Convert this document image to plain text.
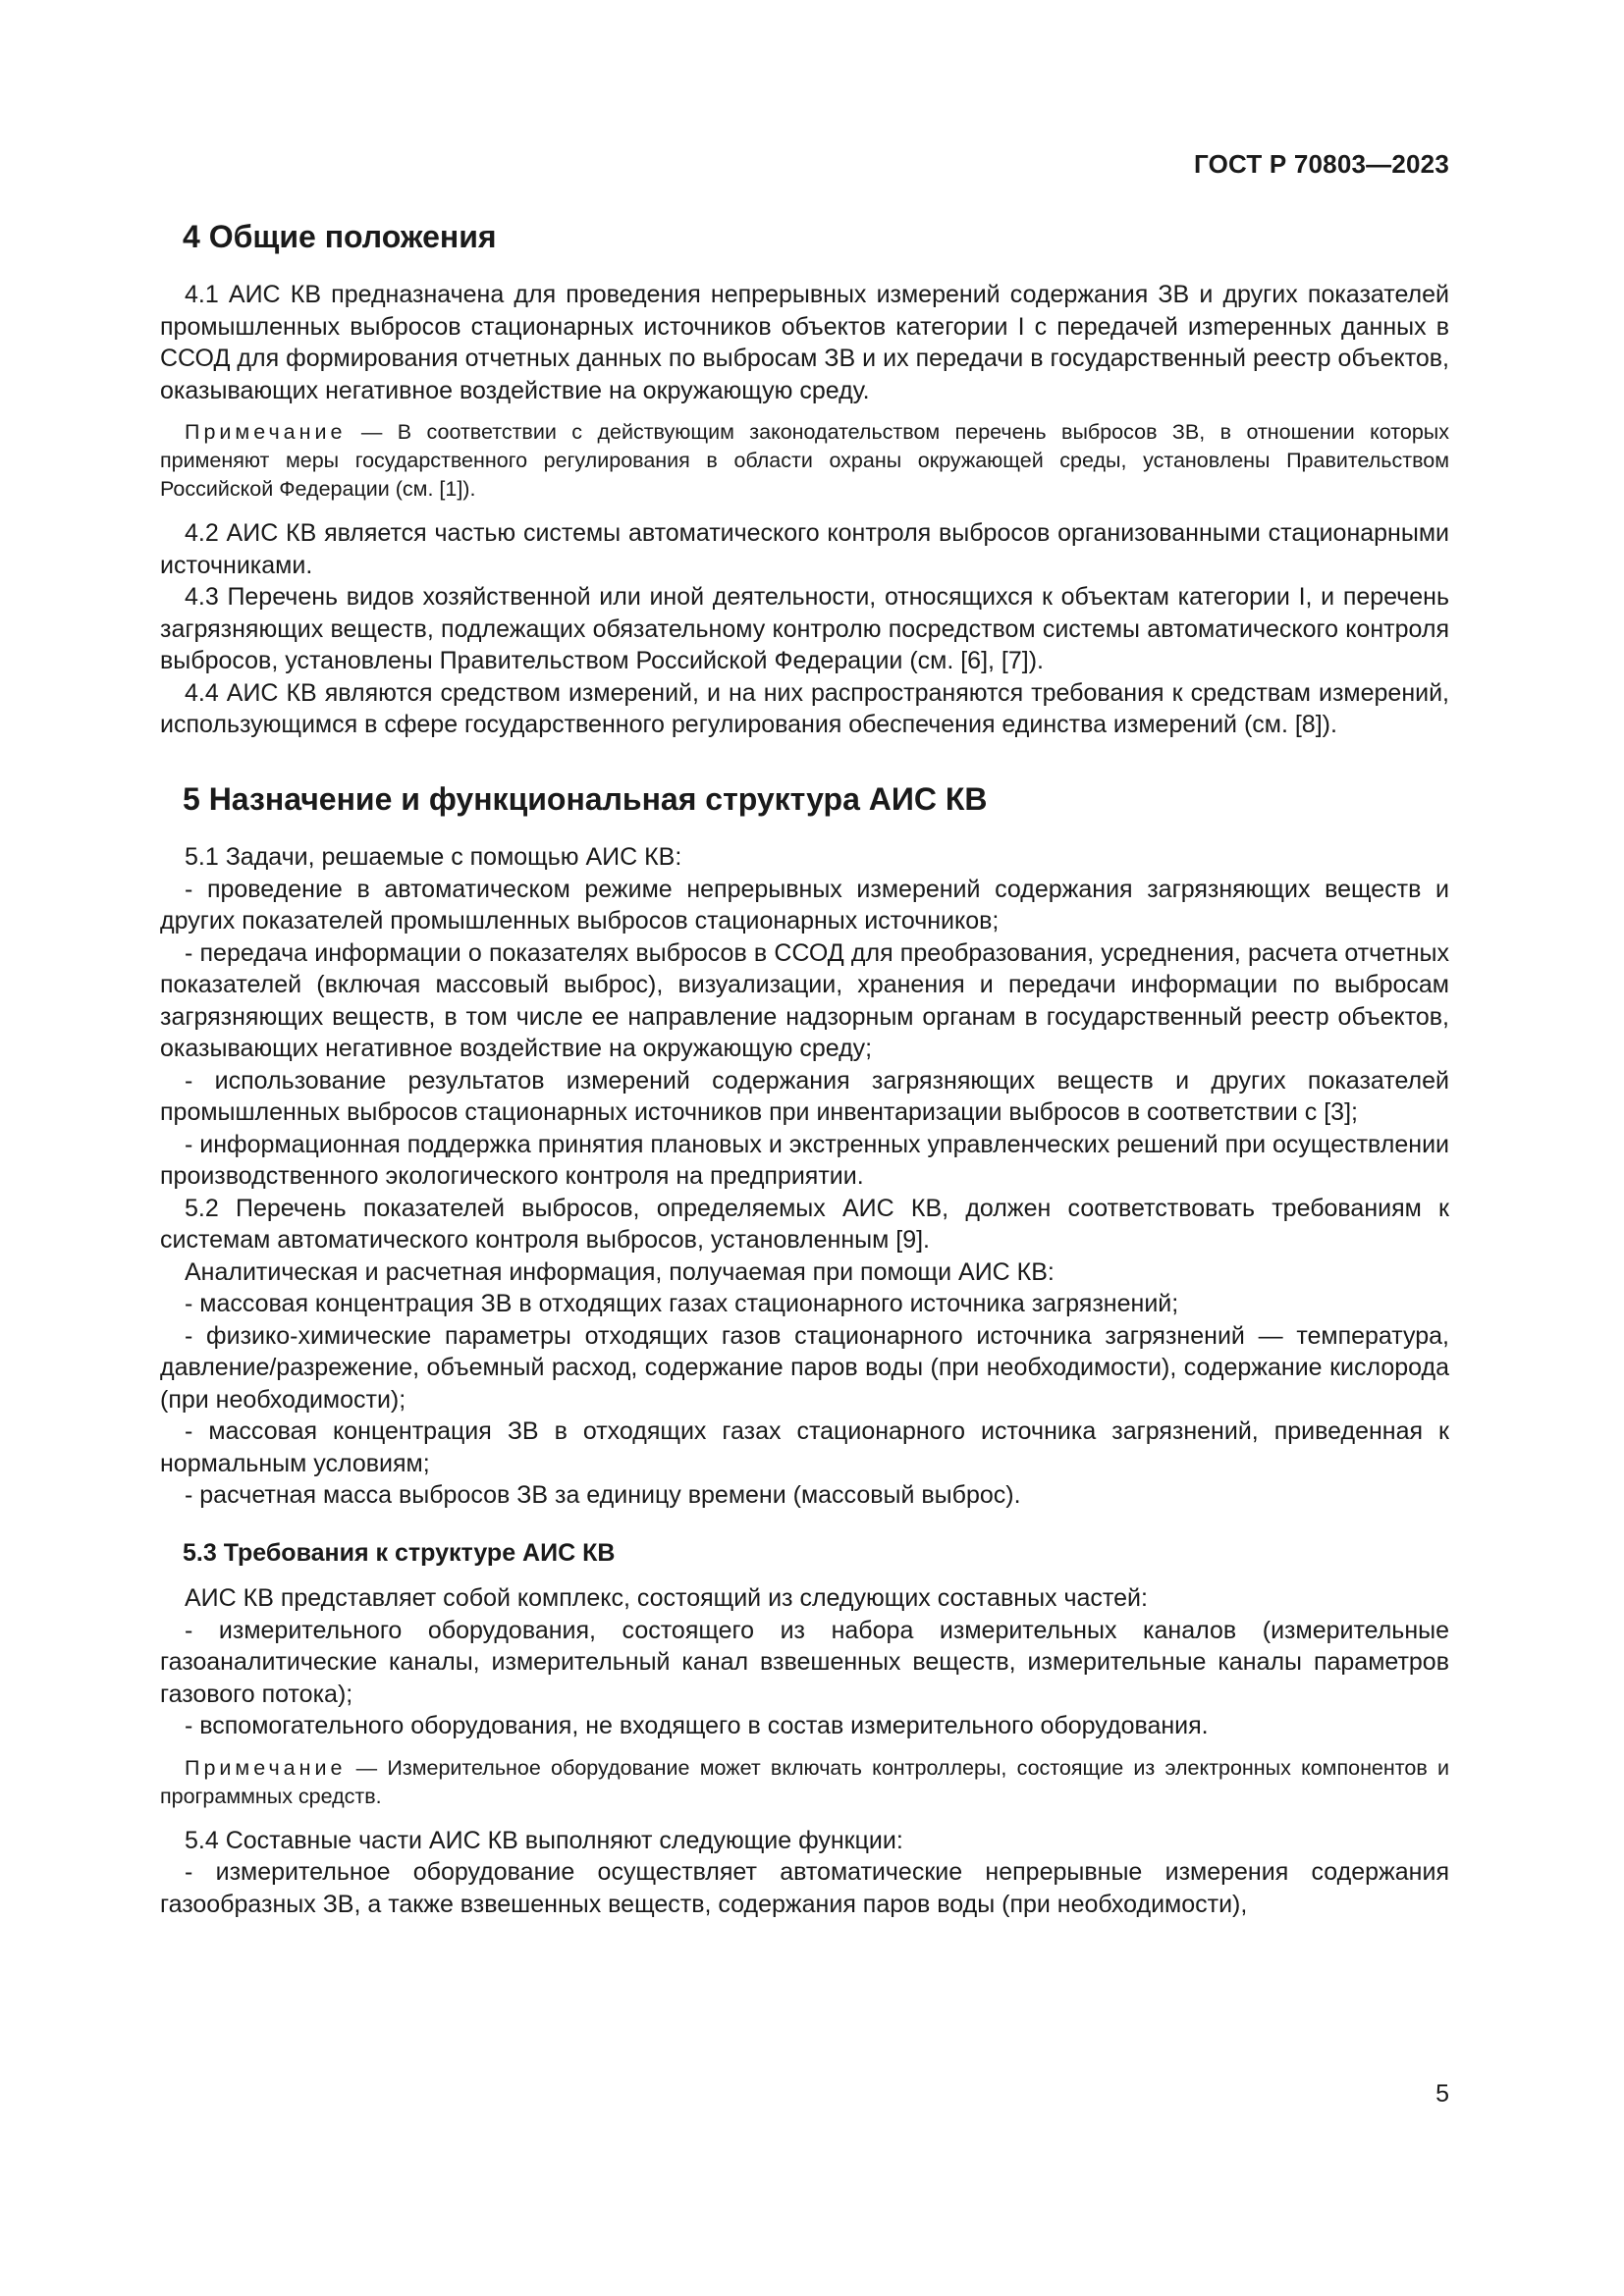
ГОСТ Р 70803—2023
4 Общие положения

4.1 АИС КВ предназначена для проведения непрерывных измерений содержания ЗВ и других показателей промышленных выбросов стационарных источников объектов категории I с передачей изmеренных данных в ССОД для формирования отчетных данных по выбросам ЗВ и их передачи в государственный реестр объектов, оказывающих негативное воздействие на окружающую среду.

Примечание — В соответствии с действующим законодательством перечень выбросов ЗВ, в отношении которых применяют меры государственного регулирования в области охраны окружающей среды, установлены Правительством Российской Федерации (см. [1]).

4.2 АИС КВ является частью системы автоматического контроля выбросов организованными стационарными источниками.

4.3 Перечень видов хозяйственной или иной деятельности, относящихся к объектам категории I, и перечень загрязняющих веществ, подлежащих обязательному контролю посредством системы автоматического контроля выбросов, установлены Правительством Российской Федерации (см. [6], [7]).

4.4 АИС КВ являются средством измерений, и на них распространяются требования к средствам измерений, использующимся в сфере государственного регулирования обеспечения единства измерений (см. [8]).

5 Назначение и функциональная структура АИС КВ

5.1 Задачи, решаемые с помощью АИС КВ:

- проведение в автоматическом режиме непрерывных измерений содержания загрязняющих веществ и других показателей промышленных выбросов стационарных источников;

- передача информации о показателях выбросов в ССОД для преобразования, усреднения, расчета отчетных показателей (включая массовый выброс), визуализации, хранения и передачи информации по выбросам загрязняющих веществ, в том числе ее направление надзорным органам в государственный реестр объектов, оказывающих негативное воздействие на окружающую среду;

- использование результатов измерений содержания загрязняющих веществ и других показателей промышленных выбросов стационарных источников при инвентаризации выбросов в соответствии с [3];

- информационная поддержка принятия плановых и экстренных управленческих решений при осуществлении производственного экологического контроля на предприятии.

5.2 Перечень показателей выбросов, определяемых АИС КВ, должен соответствовать требованиям к системам автоматического контроля выбросов, установленным [9].

Аналитическая и расчетная информация, получаемая при помощи АИС КВ:

- массовая концентрация ЗВ в отходящих газах стационарного источника загрязнений;

- физико-химические параметры отходящих газов стационарного источника загрязнений — температура, давление/разрежение, объемный расход, содержание паров воды (при необходимости), содержание кислорода (при необходимости);

- массовая концентрация ЗВ в отходящих газах стационарного источника загрязнений, приведенная к нормальным условиям;

- расчетная масса выбросов ЗВ за единицу времени (массовый выброс).

5.3 Требования к структуре АИС КВ

АИС КВ представляет собой комплекс, состоящий из следующих составных частей:

- измерительного оборудования, состоящего из набора измерительных каналов (измерительные газоаналитические каналы, измерительный канал взвешенных веществ, измерительные каналы параметров газового потока);

- вспомогательного оборудования, не входящего в состав измерительного оборудования.

Примечание — Измерительное оборудование может включать контроллеры, состоящие из электронных компонентов и программных средств.

5.4 Составные части АИС КВ выполняют следующие функции:

- измерительное оборудование осуществляет автоматические непрерывные измерения содержания газообразных ЗВ, а также взвешенных веществ, содержания паров воды (при необходимости),

5
